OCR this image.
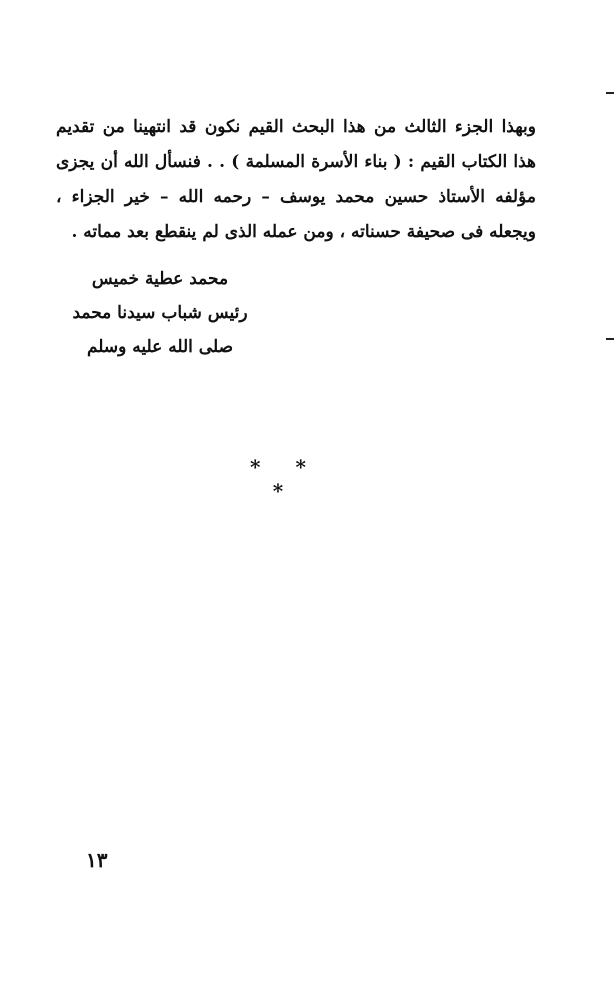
وبهذا الجزء الثالث من هذا البحث القيم نكون قد انتهينا من تقديم هذا الكتاب القيم : ( بناء الأسرة المسلمة ) . . فنسأل الله أن يجزى مؤلفه الأستاذ حسين محمد يوسف – رحمه الله – خير الجزاء ، ويجعله فى صحيفة حسناته ، ومن عمله الذى لم ينقطع بعد مماته .

محمد عطية خميس
رئيس شباب سيدنا محمد
صلى الله عليه وسلم
* * *
١٣
